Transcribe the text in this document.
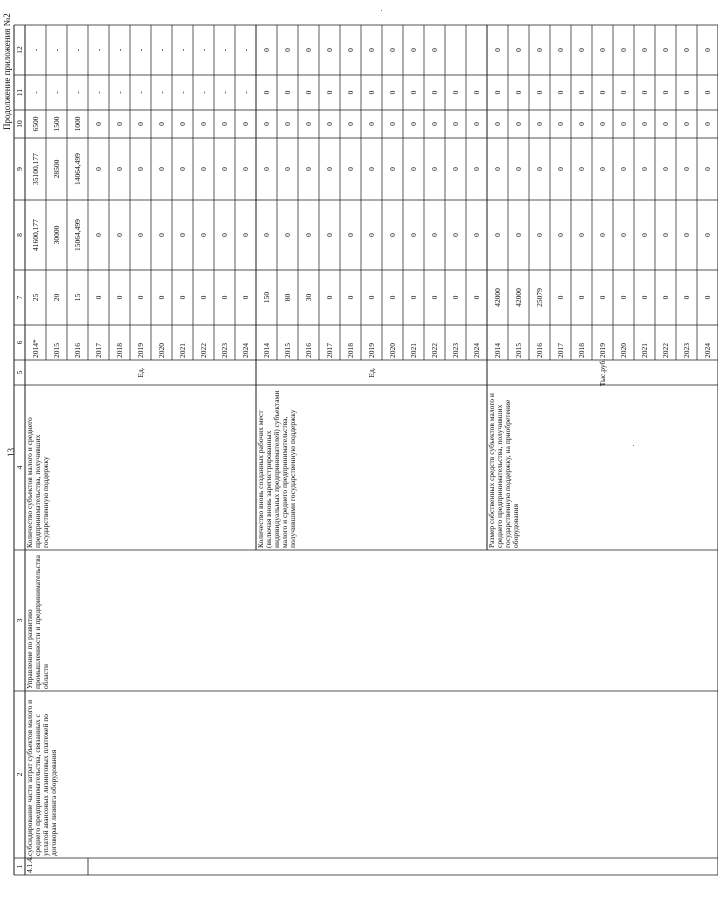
13
Продолжение приложения №2
1
2
3
4
5
6
7
8
9
10
11
12
4.1.4.
субсидирование части затрат субъектов малого и среднего предпринимательства, связанных с уплатой авансовых лизинговых платежей по договорам лизинга оборудования
Управление по развитию промышленности и предпринимательства области
Количество субъектов малого и среднего предпринимательства, получивших государственную поддержку
Ед.
2014*
25
41600,177
35100,177
6500
-
-
2015
20
30000
28500
1500
-
-
2016
15
15064,499
14064,499
1000
-
-
2017
0
0
0
0
-
-
2018
0
0
0
0
-
-
2019
0
0
0
0
-
-
2020
0
0
0
0
-
-
2021
0
0
0
0
-
-
2022
0
0
0
0
-
-
2023
0
0
0
0
-
-
2024
0
0
0
0
-
-
Количество вновь созданных рабочих мест (включая вновь зарегистрированных индивидуальных предпринимателей) субъектами малого и среднего предпринимательства, получившими государственную поддержку
Ед.
2014
150
0
0
0
0
0
2015
80
0
0
0
0
0
2016
30
0
0
0
0
0
2017
0
0
0
0
0
0
2018
0
0
0
0
0
0
2019
0
0
0
0
0
0
2020
0
0
0
0
0
0
2021
0
0
0
0
0
0
2022
0
0
0
0
0
0
2023
0
0
0
0
0
2024
0
0
0
0
0
Размер собственных средств субъектов малого и среднего предпринимательства, получивших государственную поддержку, на приобретение оборудования
Тыс.руб.
2014
42000
0
0
0
0
0
2015
42000
0
0
0
0
0
2016
25079
0
0
0
0
0
2017
0
0
0
0
0
0
2018
0
0
0
0
0
0
2019
0
0
0
0
0
0
2020
0
0
0
0
0
0
2021
0
0
0
0
0
0
2022
0
0
0
0
0
0
2023
0
0
0
0
0
0
2024
0
0
0
0
0
0
